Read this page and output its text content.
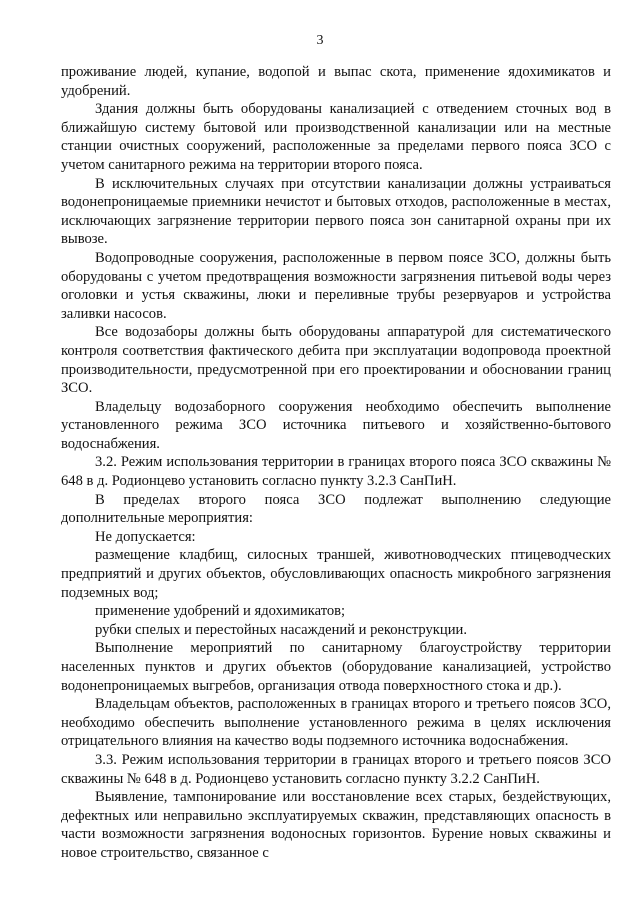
3

проживание людей, купание, водопой и выпас скота, применение ядохимикатов и удобрений.

Здания должны быть оборудованы канализацией с отведением сточных вод в ближайшую систему бытовой или производственной канализации или на местные станции очистных сооружений, расположенные за пределами первого пояса ЗСО с учетом санитарного режима на территории второго пояса.

В исключительных случаях при отсутствии канализации должны устраиваться водонепроницаемые приемники нечистот и бытовых отходов, расположенные в местах, исключающих загрязнение территории первого пояса зон санитарной охраны при их вывозе.

Водопроводные сооружения, расположенные в первом поясе ЗСО, должны быть оборудованы с учетом предотвращения возможности загрязнения питьевой воды через оголовки и устья скважины, люки и переливные трубы резервуаров и устройства заливки насосов.

Все водозаборы должны быть оборудованы аппаратурой для систематического контроля соответствия фактического дебита при эксплуатации водопровода проектной производительности, предусмотренной при его проектировании и обосновании границ ЗСО.

Владельцу водозаборного сооружения необходимо обеспечить выполнение установленного режима ЗСО источника питьевого и хозяйственно-бытового водоснабжения.

3.2. Режим использования территории в границах второго пояса ЗСО скважины № 648 в д. Родионцево установить согласно пункту 3.2.3 СанПиН.

В пределах второго пояса ЗСО подлежат выполнению следующие дополнительные мероприятия:

Не допускается:

размещение кладбищ, силосных траншей, животноводческих птицеводческих предприятий и других объектов, обусловливающих опасность микробного загрязнения подземных вод;

применение удобрений и ядохимикатов;

рубки спелых и перестойных насаждений и реконструкции.

Выполнение мероприятий по санитарному благоустройству территории населенных пунктов и других объектов (оборудование канализацией, устройство водонепроницаемых выгребов, организация отвода поверхностного стока и др.).

Владельцам объектов, расположенных в границах второго и третьего поясов ЗСО, необходимо обеспечить выполнение установленного режима в целях исключения отрицательного влияния на качество воды подземного источника водоснабжения.

3.3. Режим использования территории в границах второго и третьего поясов ЗСО скважины № 648 в д. Родионцево установить согласно пункту 3.2.2 СанПиН.

Выявление, тампонирование или восстановление всех старых, бездействующих, дефектных или неправильно эксплуатируемых скважин, представляющих опасность в части возможности загрязнения водоносных горизонтов. Бурение новых скважины и новое строительство, связанное с
